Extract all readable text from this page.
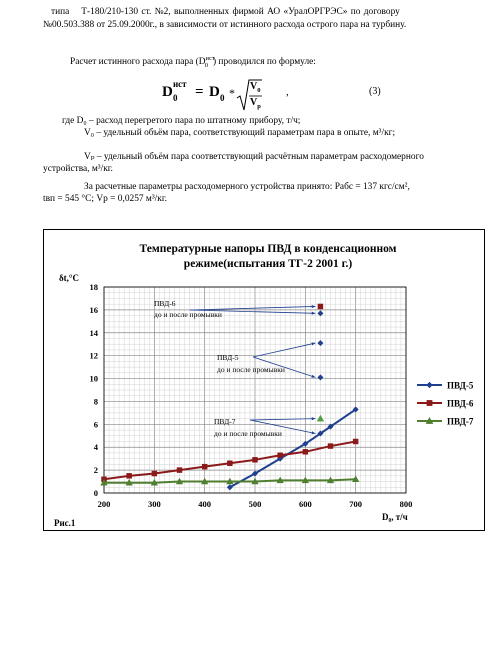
типа Т-180/210-130 ст. №2, выполненных фирмой АО «УралОРГРЭС» по договору
№00.503.388 от 25.09.2000г., в зависимости от истинного расхода острого пара на турбину.
Расчет истинного расхода пара ($D^{ист}_0$ ) проводился по формуле:
D ист
0 = D $0 * V_0$
$V_p$
,	(3)
где D₀ – расход перегретого пара по штатному прибору, т/ч;
V₀ – удельный объём пара, соответствующий параметрам пара в опыте, м³/кг;
Vₚ – удельный объём пара соответствующий расчётным параметрам расходомерного
устройства, м³/кг.
За расчетные параметры расходомерного устройства принято: Pабс = 137 кгс/см²,
tвп = 545 °С; Vp = 0,0257 м³/кг.
Температурные напоры ПВД в конденсационном
режиме(испытания ТГ-2 2001 г.)
δt,°C
D₀, т/ч
Рис.1
200	300	400	500	600	700	800
0
2
4
6
8
10
12
14
16
18
ПВД-6
до и после промывки
ПВД-5
до и после промывки
ПВД-7
до и после промывки
ПВД-5
ПВД-6
ПВД-7
